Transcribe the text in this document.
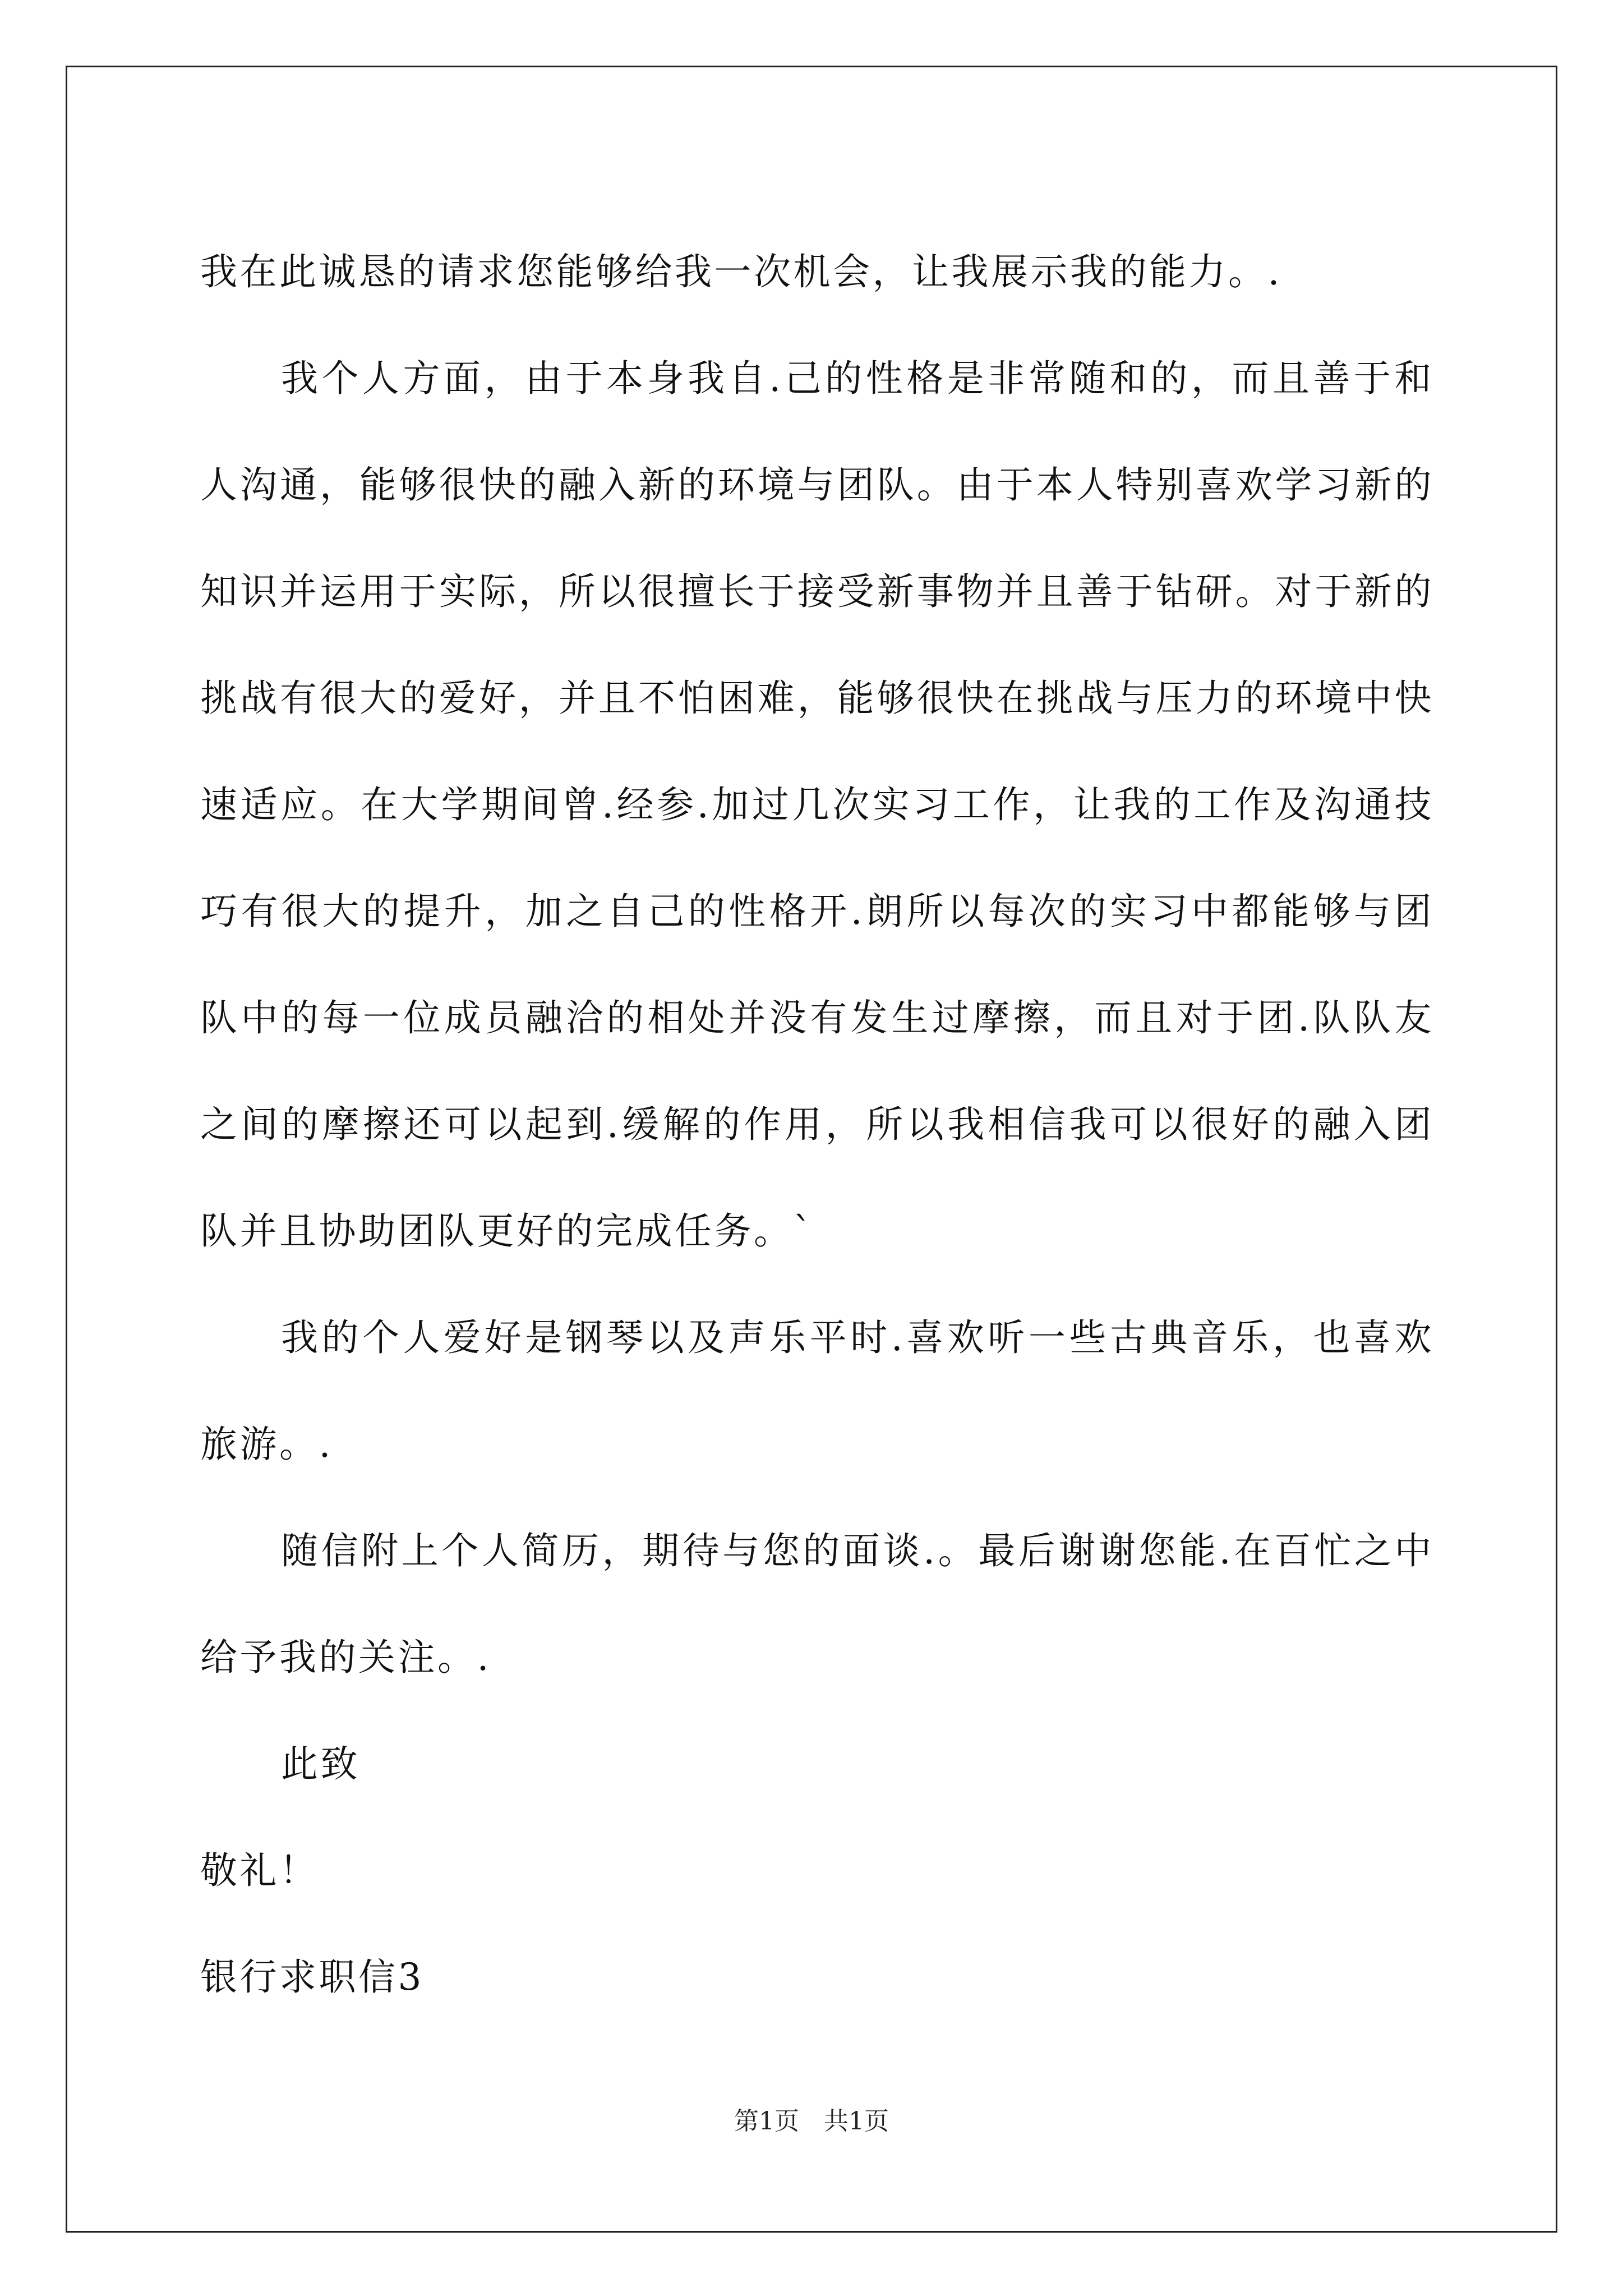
我在此诚恳的请求您能够给我一次机会，让我展示我的能力。.

我个人方面，由于本身我自.己的性格是非常随和的，而且善于和人沟通，能够很快的融入新的环境与团队。由于本人特别喜欢学习新的知识并运用于实际，所以很擅长于接受新事物并且善于钻研。对于新的挑战有很大的爱好，并且不怕困难，能够很快在挑战与压力的环境中快速适应。在大学期间曾.经参.加过几次实习工作，让我的工作及沟通技巧有很大的提升，加之自己的性格开.朗所以每次的实习中都能够与团队中的每一位成员融洽的相处并没有发生过摩擦，而且对于团.队队友之间的摩擦还可以起到.缓解的作用，所以我相信我可以很好的融入团队并且协助团队更好的完成任务。`

我的个人爱好是钢琴以及声乐平时.喜欢听一些古典音乐，也喜欢旅游。.

随信附上个人简历，期待与您的面谈.。最后谢谢您能.在百忙之中给予我的关注。.

此致

敬礼！

银行求职信3

第1页　共1页
